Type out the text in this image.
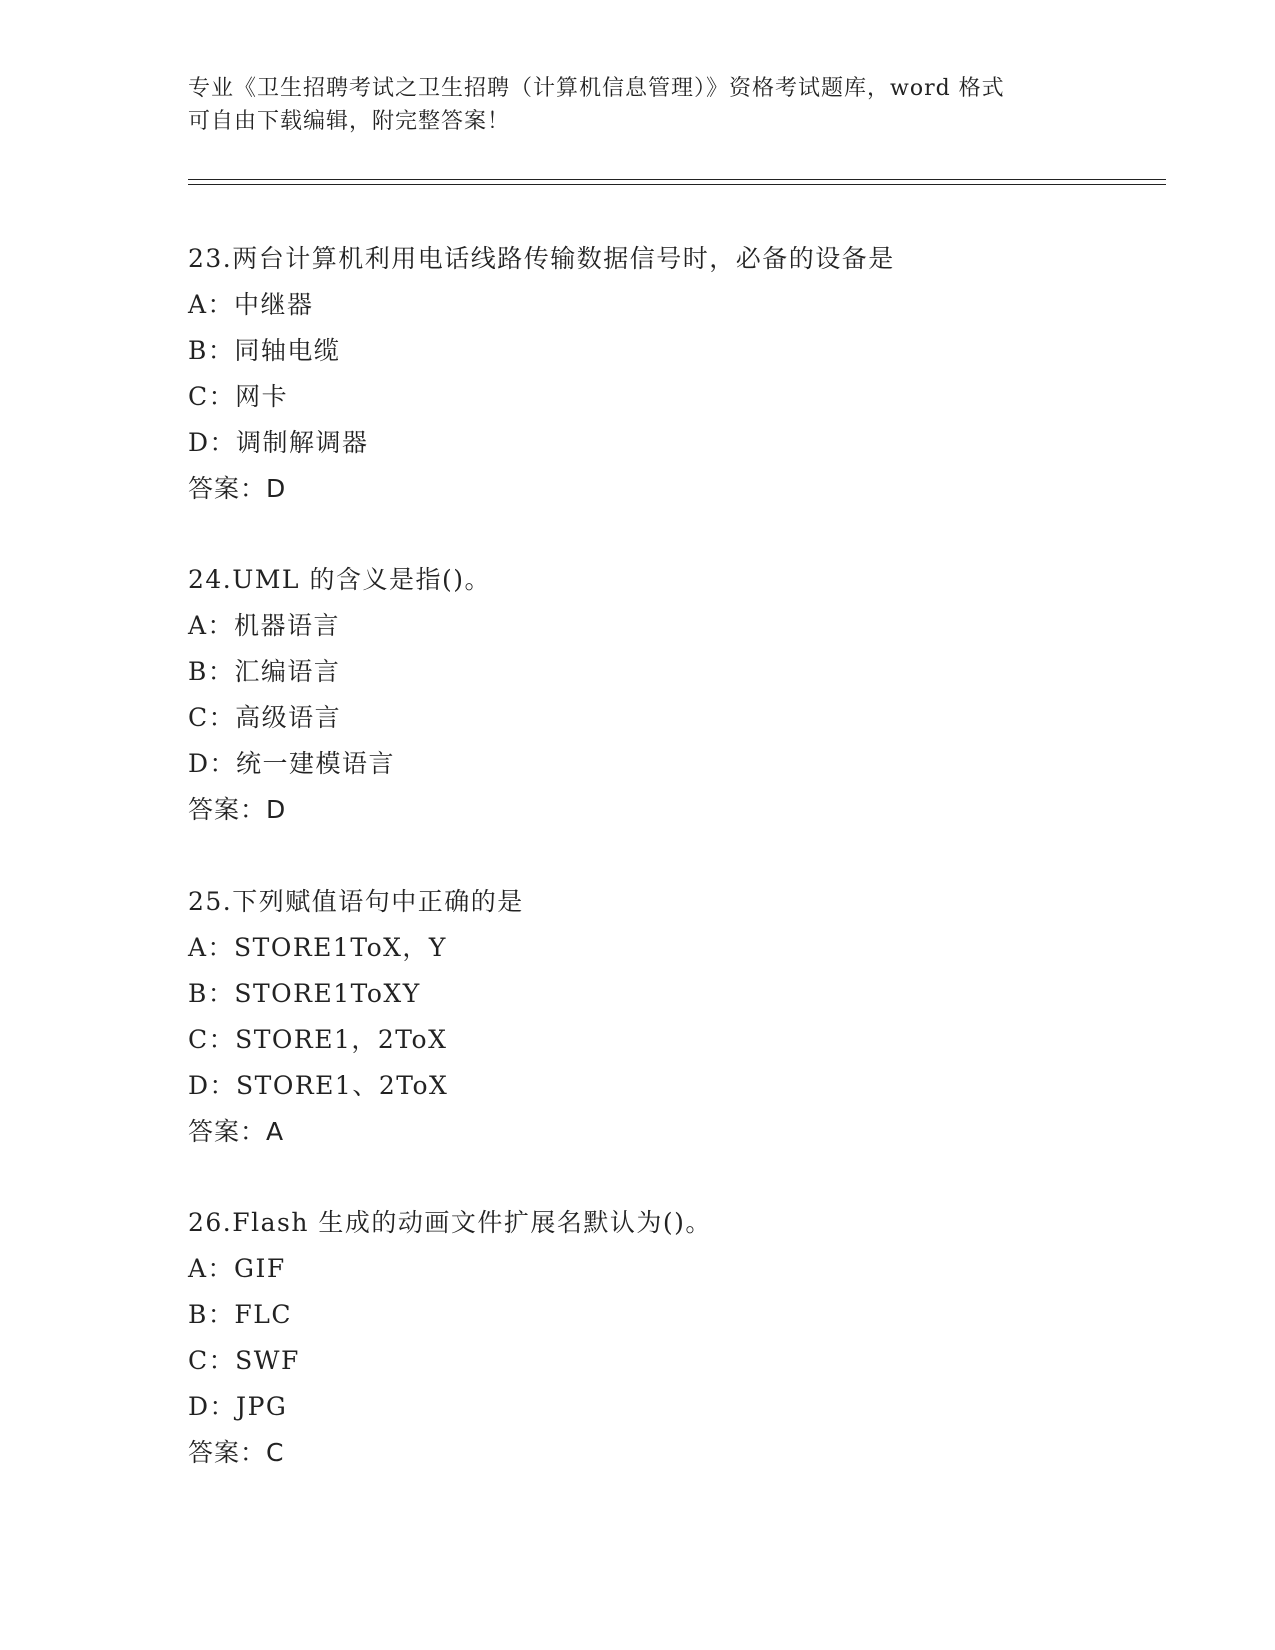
专业《卫生招聘考试之卫生招聘（计算机信息管理）》资格考试题库，word 格式
可自由下载编辑，附完整答案！
23.两台计算机利用电话线路传输数据信号时，必备的设备是
A：中继器
B：同轴电缆
C：网卡
D：调制解调器
答案：D
24.UML 的含义是指()。
A：机器语言
B：汇编语言
C：高级语言
D：统一建模语言
答案：D
25.下列赋值语句中正确的是
A：STORE1ToX，Y
B：STORE1ToXY
C：STORE1，2ToX
D：STORE1、2ToX
答案：A
26.Flash 生成的动画文件扩展名默认为()。
A：GIF
B：FLC
C：SWF
D：JPG
答案：C
